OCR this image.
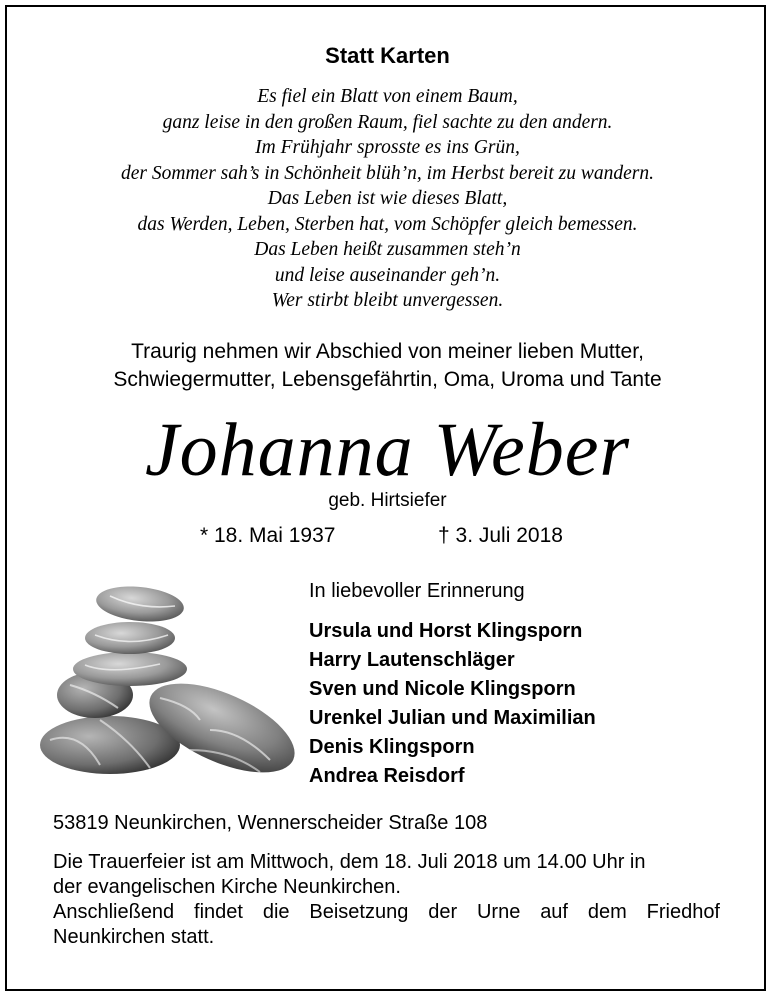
Statt Karten
Es fiel ein Blatt von einem Baum,
ganz leise in den großen Raum, fiel sachte zu den andern.
Im Frühjahr sprosste es ins Grün,
der Sommer sah’s in Schönheit blüh’n, im Herbst bereit zu wandern.
Das Leben ist wie dieses Blatt,
das Werden, Leben, Sterben hat, vom Schöpfer gleich bemessen.
Das Leben heißt zusammen steh’n
und leise auseinander geh’n.
Wer stirbt bleibt unvergessen.
Traurig nehmen wir Abschied von meiner lieben Mutter,
Schwiegermutter, Lebensgefährtin, Oma, Uroma und Tante
Johanna Weber
geb. Hirtsiefer
* 18. Mai 1937	† 3. Juli 2018
In liebevoller Erinnerung
Ursula und Horst Klingsporn
Harry Lautenschläger
Sven und Nicole Klingsporn
Urenkel Julian und Maximilian
Denis Klingsporn
Andrea Reisdorf
53819 Neunkirchen, Wennerscheider Straße 108
Die Trauerfeier ist am Mittwoch, dem 18. Juli 2018 um 14.00 Uhr in
der evangelischen Kirche Neunkirchen.
Anschließend findet die Beisetzung der Urne auf dem Friedhof
Neunkirchen statt.
